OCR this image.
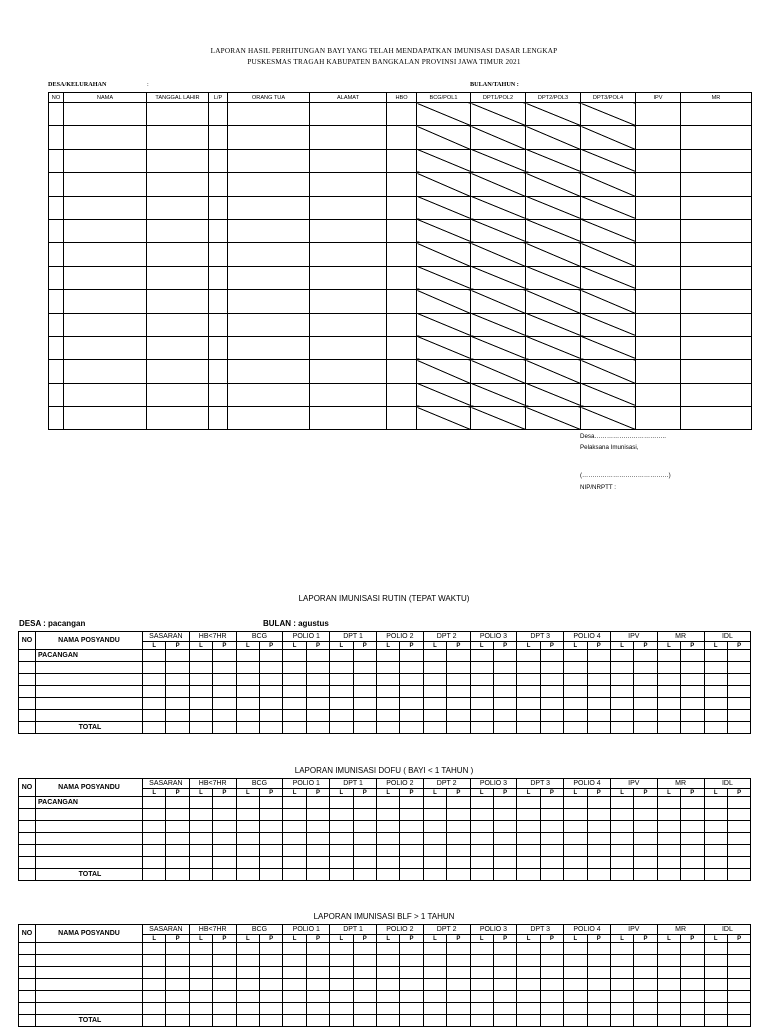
LAPORAN HASIL PERHITUNGAN BAYI YANG TELAH MENDAPATKAN IMUNISASI DASAR LENGKAP
PUSKESMAS TRAGAH KABUPATEN BANGKALAN PROVINSI JAWA TIMUR 2021
DESA/KELURAHAN	:	BULAN/TAHUN :
NO	NAMA	TANGGAL LAHIR	L/P	ORANG TUA	ALAMAT	HBO	BCG/POL1	DPT1/POL2	DPT2/POL3	DPT3/POL4	IPV	MR

Desa……………………………..
Pelaksana Imunisasi,
(……………………………………)
NIP/NRPTT :
LAPORAN IMUNISASI RUTIN (TEPAT WAKTU)
DESA : pacangan	BULAN : agustus
NO	NAMA POSYANDU	SASARAN		HB<7HR		BCG		POLIO 1		DPT 1		POLIO 2		DPT 2		POLIO 3		DPT 3		POLIO 4		IPV		MR		IDL	
		L	P	L	P	L	P	L	P	L	P	L	P	L	P	L	P	L	P	L	P	L	P	L	P	L	P
	PACANGAN																										

	TOTAL																										
LAPORAN IMUNISASI DOFU ( BAYI < 1 TAHUN )
NO	NAMA POSYANDU	SASARAN		HB<7HR		BCG		POLIO 1		DPT 1		POLIO 2		DPT 2		POLIO 3		DPT 3		POLIO 4		IPV		MR		IDL	
		L	P	L	P	L	P	L	P	L	P	L	P	L	P	L	P	L	P	L	P	L	P	L	P	L	P
	PACANGAN																										

	TOTAL																										
LAPORAN IMUNISASI BLF > 1 TAHUN
NO	NAMA POSYANDU	SASARAN		HB<7HR		BCG		POLIO 1		DPT 1		POLIO 2		DPT 2		POLIO 3		DPT 3		POLIO 4		IPV		MR		IDL	
		L	P	L	P	L	P	L	P	L	P	L	P	L	P	L	P	L	P	L	P	L	P	L	P	L	P

	TOTAL																										
